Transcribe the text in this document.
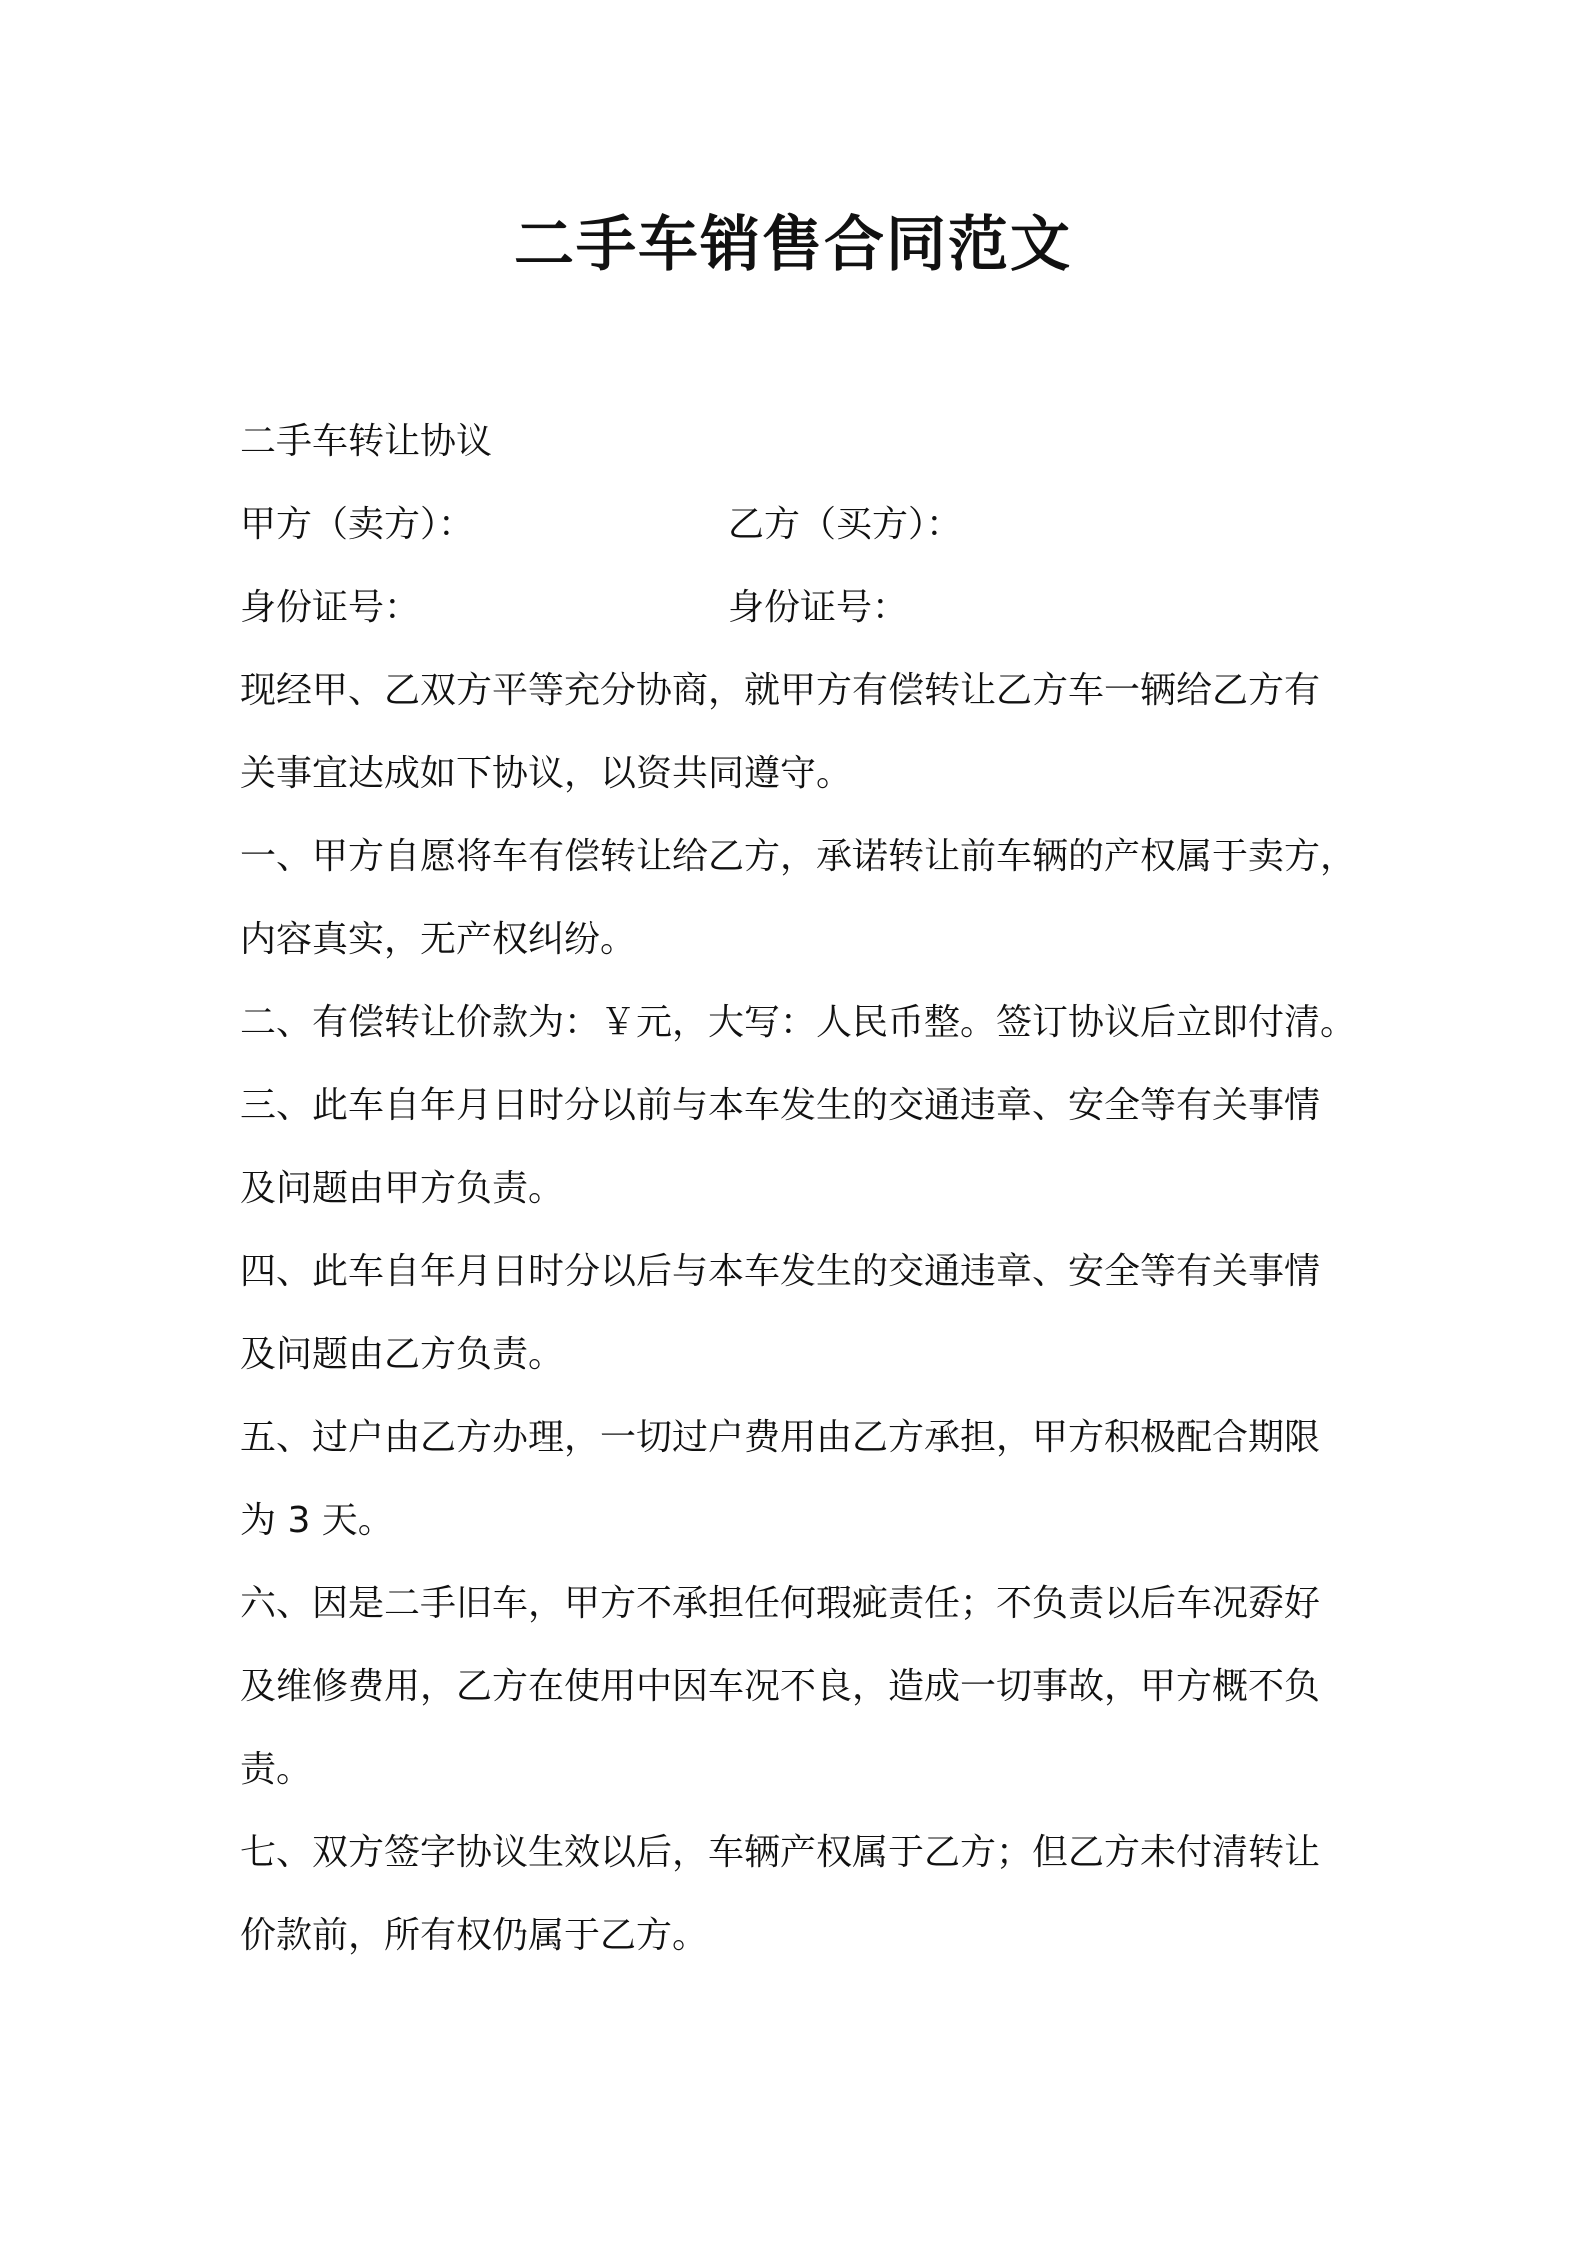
二手车销售合同范文
二手车转让协议
甲方（卖方）：	乙方（买方）：
身份证号：	身份证号：
现经甲、乙双方平等充分协商，就甲方有偿转让乙方车一辆给乙方有
关事宜达成如下协议，以资共同遵守。
一、甲方自愿将车有偿转让给乙方，承诺转让前车辆的产权属于卖方，
内容真实，无产权纠纷。
二、有偿转让价款为：￥元，大写：人民币整。签订协议后立即付清。
三、此车自年月日时分以前与本车发生的交通违章、安全等有关事情
及问题由甲方负责。
四、此车自年月日时分以后与本车发生的交通违章、安全等有关事情
及问题由乙方负责。
五、过户由乙方办理，一切过户费用由乙方承担，甲方积极配合期限
为 3 天。
六、因是二手旧车，甲方不承担任何瑕疵责任；不负责以后车况孬好
及维修费用，乙方在使用中因车况不良，造成一切事故，甲方概不负
责。
七、双方签字协议生效以后，车辆产权属于乙方；但乙方未付清转让
价款前，所有权仍属于乙方。
